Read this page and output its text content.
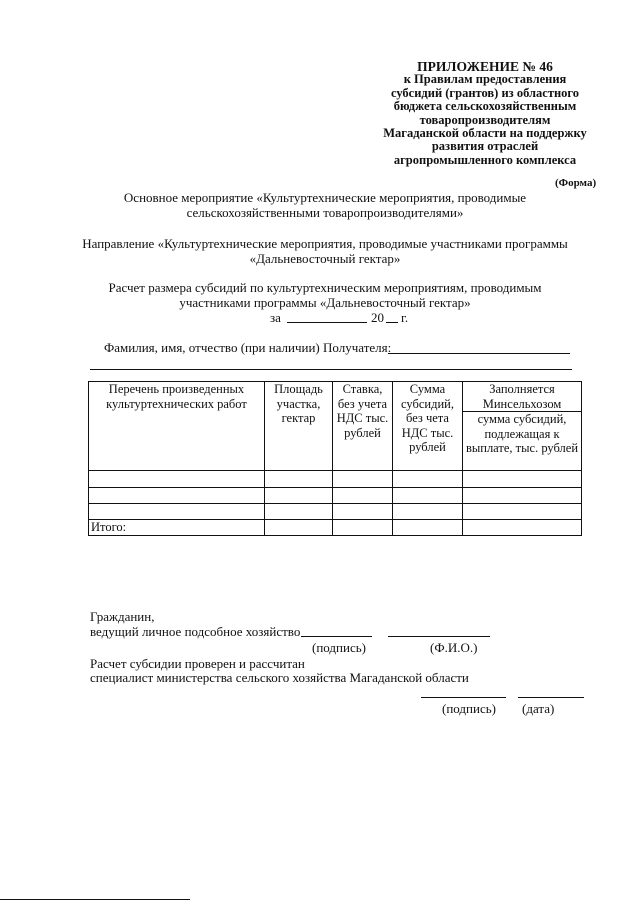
ПРИЛОЖЕНИЕ № 46
к Правилам предоставления
субсидий (грантов) из областного
бюджета сельскохозяйственным
товаропроизводителям
Магаданской области на поддержку
развития отраслей
агропромышленного комплекса
(Форма)
Основное мероприятие «Культуртехнические мероприятия, проводимые
сельскохозяйственными товаропроизводителями»
Направление «Культуртехнические мероприятия, проводимые участниками программы
«Дальневосточный гектар»
Расчет размера субсидий по культуртехническим мероприятиям, проводимым
участниками программы «Дальневосточный гектар»
за	20 г.
Фамилия, имя, отчество (при наличии) Получателя:
Перечень произведенных культуртехнических работ	Площадь участка, гектар	Ставка, без учета НДС тыс. рублей	Сумма субсидий, без чета НДС тыс. рублей	Заполняется Минсельхозом
				сумма субсидий, подлежащая к выплате, тыс. рублей

Итого:				
Гражданин,
ведущий личное подсобное хозяйство
(подпись)	(Ф.И.О.)
Расчет субсидии проверен и рассчитан
специалист министерства сельского хозяйства Магаданской области
(подпись) (дата)
